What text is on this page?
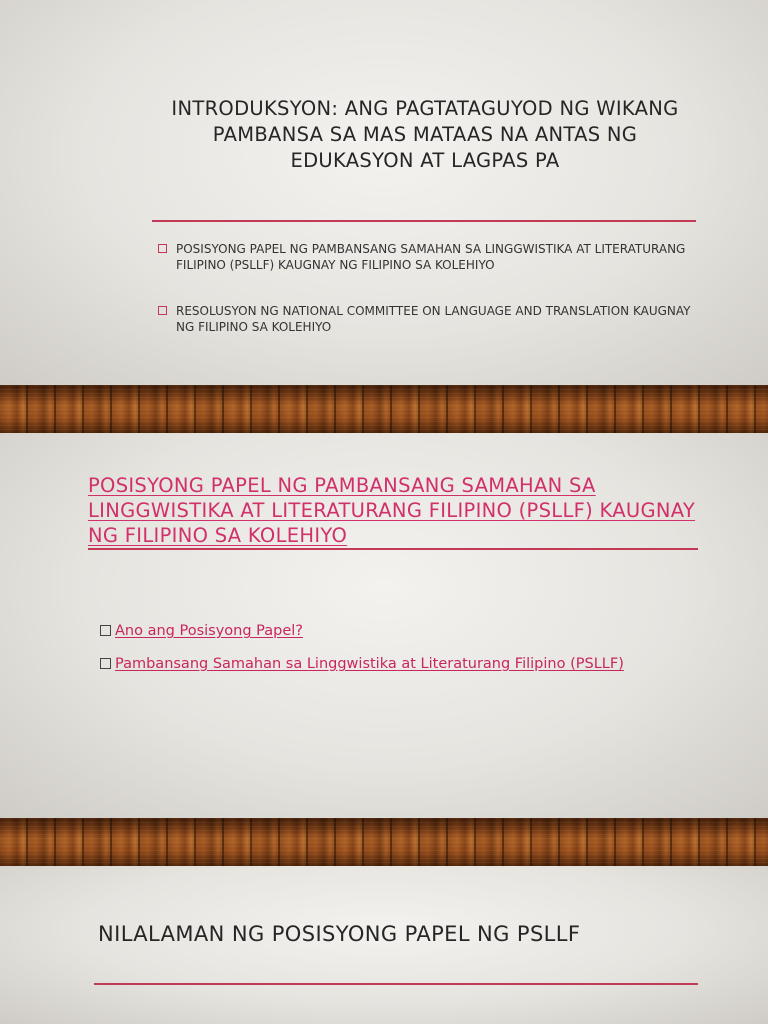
INTRODUKSYON: ANG PAGTATAGUYOD NG WIKANG PAMBANSA SA MAS MATAAS NA ANTAS NG EDUKASYON AT LAGPAS PA
POSISYONG PAPEL NG PAMBANSANG SAMAHAN SA LINGGWISTIKA AT LITERATURANG FILIPINO (PSLLF) KAUGNAY NG FILIPINO SA KOLEHIYO
RESOLUSYON NG NATIONAL COMMITTEE ON LANGUAGE AND TRANSLATION KAUGNAY NG FILIPINO SA KOLEHIYO
POSISYONG PAPEL NG PAMBANSANG SAMAHAN SA LINGGWISTIKA AT LITERATURANG FILIPINO (PSLLF) KAUGNAY NG FILIPINO SA KOLEHIYO
Ano ang Posisyong Papel?
Pambansang Samahan sa Linggwistika at Literaturang Filipino (PSLLF)
NILALAMAN NG POSISYONG PAPEL NG PSLLF
